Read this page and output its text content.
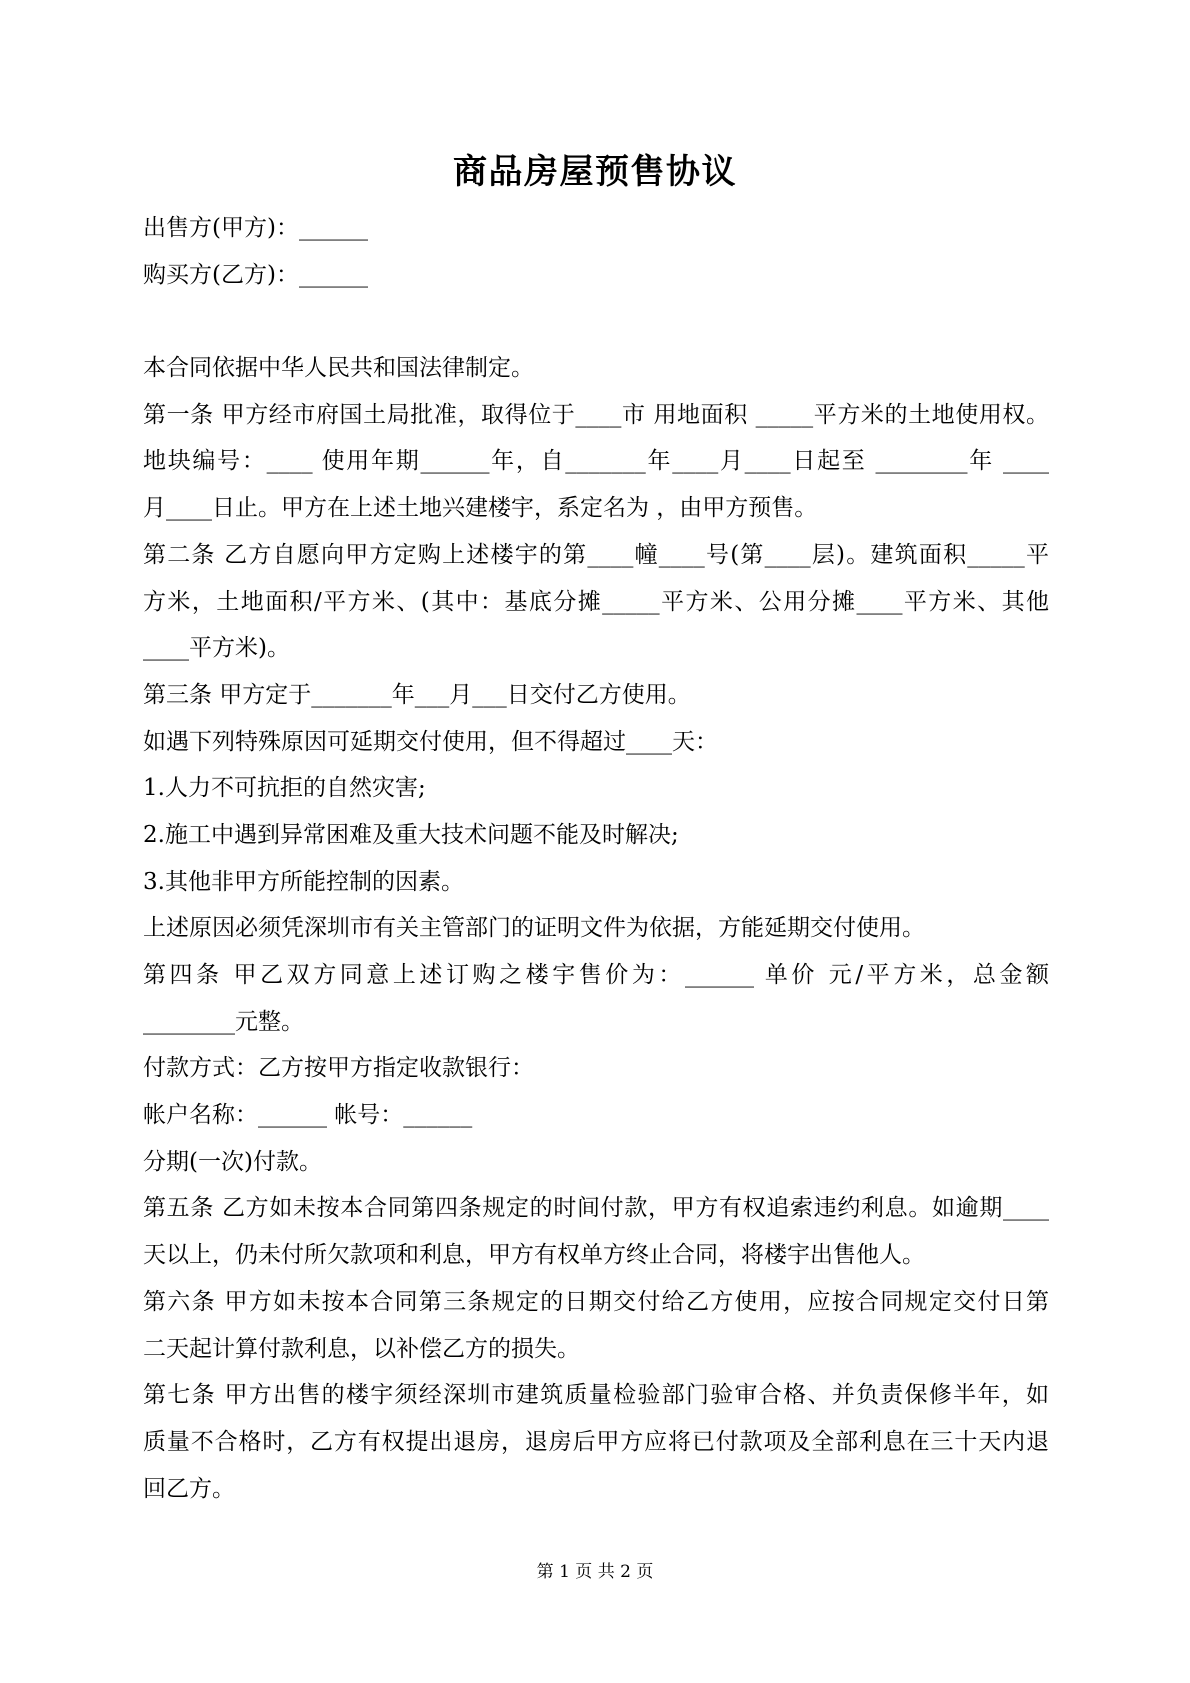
商品房屋预售协议
出售方(甲方)：______
购买方(乙方)：______
本合同依据中华人民共和国法律制定。
第一条 甲方经市府国土局批准，取得位于____市 用地面积 _____平方米的土地使用权。
地块编号：____ 使用年期______年，自_______年____月____日起至 ________年 ____
月____日止。甲方在上述土地兴建楼宇，系定名为 ，由甲方预售。
第二条 乙方自愿向甲方定购上述楼宇的第____幢____号(第____层)。建筑面积_____平
方米，土地面积/平方米、(其中：基底分摊_____平方米、公用分摊____平方米、其他
____平方米)。
第三条 甲方定于_______年___月___日交付乙方使用。
如遇下列特殊原因可延期交付使用，但不得超过____天：
1.人力不可抗拒的自然灾害;
2.施工中遇到异常困难及重大技术问题不能及时解决;
3.其他非甲方所能控制的因素。
上述原因必须凭深圳市有关主管部门的证明文件为依据，方能延期交付使用。
第四条 甲乙双方同意上述订购之楼宇售价为：______ 单价 元/平方米，总金额
________元整。
付款方式：乙方按甲方指定收款银行：
帐户名称：______ 帐号：______
分期(一次)付款。
第五条 乙方如未按本合同第四条规定的时间付款，甲方有权追索违约利息。如逾期____
天以上，仍未付所欠款项和利息，甲方有权单方终止合同，将楼宇出售他人。
第六条 甲方如未按本合同第三条规定的日期交付给乙方使用，应按合同规定交付日第
二天起计算付款利息，以补偿乙方的损失。
第七条 甲方出售的楼宇须经深圳市建筑质量检验部门验审合格、并负责保修半年，如
质量不合格时，乙方有权提出退房，退房后甲方应将已付款项及全部利息在三十天内退
回乙方。
第 1 页 共 2 页
